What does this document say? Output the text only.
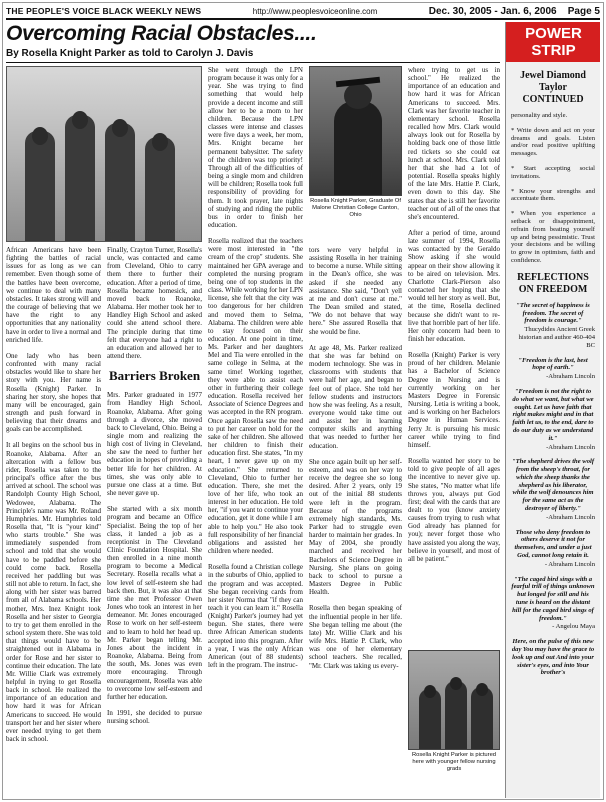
THE PEOPLE'S VOICE BLACK WEEKLY NEWS	http://www.peoplesvoiceonline.com	Dec. 30, 2005 - Jan. 6, 2006 Page 5
Overcoming Racial Obstacles....
By Rosella Knight Parker as told to Carolyn J. Davis

African Americans have been fighting the battles of racial issues for as long as we can remember. Even though some of the battles have been overcome, we continue to deal with many obstacles. It takes strong will and the courage of believing that we have the right to any opportunities that any nationality have in order to live a normal and enriched life.

One lady who has been confronted with many racial obstacles would like to share her story with you. Her name is Rosella (Knight) Parker. In sharing her story, she hopes that many will be encouraged, gain strength and push forward in believing that their dreams and goals can be accomplished.

It all begins on the school bus in Roanoke, Alabama. After an altercation with a fellow bus rider, Rosella was taken to the principal's office after the bus arrived at school. The school was Randolph County High School, Wedowee, Alabama. The Principle's name was Mr. Roland Humphries. Mr. Humphries told Rosella that, "It is "your kind" who starts trouble." She was immediately suspended from school and told that she would have to be paddled before she could come back. Rosella received her paddling but was still not able to return. In fact, she along with her sister was barred from all of Alabama schools. Her mother, Mrs. Inez Knight took Rosella and her sister to Georgia to try to get them enrolled in the school system there. She was told that things would have to be straightened out in Alabama in order for Rose and her sister to continue their education. The late Mr. Willie Clark was extremely helpful in trying to get Rosella back in school. He realized the importance of an education and how hard it was for African Americans to succeed. He would transport her and her sister where ever needed trying to get them back in school.

Finally, Crayton Turner, Rosella's uncle, was contacted and came from Cleveland, Ohio to carry them there to further their education. After a period of time, Rosella became homesick, and moved back to Roanoke, Alabama. Her mother took her to Handley High School and asked could she attend school there. The principle during that time felt that everyone had a right to an education and allowed her to attend there.

Barriers Broken

Mrs. Parker graduated in 1977 from Handley High School, Roanoke, Alabama. After going through a divorce, she moved back to Cleveland, Ohio. Being a single mom and realizing the high cost of living in Cleveland, she saw the need to further her education in hopes of providing a better life for her children. At times, she was only able to pursue one class at a time. But she never gave up.

She started with a six month program and became an Office Specialist. Being the top of her class, it landed a job as a receptionist in The Cleveland Clinic Foundation Hospital. She then enrolled in a nine month program to become a Medical Secretary. Rosella recalls what a low level of self-esteem she had back then. But, it was also at that time she met Professor Owen Jones who took an interest in her demeanor. Mr. Jones encouraged Rose to work on her self-esteem and to learn to hold her head up. Mr. Parker began telling Mr. Jones about the incident in Roanoke, Alabama. Being from the south, Ms. Jones was even more encouraging. Through encouragement, Rosella was able to overcome low self-esteem and further her education.

In 1991, she decided to pursue nursing school.

She went through the LPN program because it was only for a year. She was trying to find something that would help provide a decent income and still allow her to be a mom to her children. Because the LPN classes were intense and classes were five days a week, her mom, Mrs. Knight became her permanent babysitter. The safety of the children was top priority! Through all of the difficulties of being a single mom and children will be children; Rosella took full responsibility of providing for them. It took prayer, late nights of studying and riding the public bus in order to finish her education.

Rosella realized that the teachers were most interested in "the cream of the crop" students. She maintained her GPA average and completed the nursing program being one of top students in the class. While working for her LPN license, she felt that the city was too dangerous for her children and moved them to Selma, Alabama. The children were able to stay focused on their education. At one point in time, Ms. Parker and her daughters Mel and Tia were enrolled in the same college in Selma, at the same time! Working together, they were able to assist each other in furthering their college education. Rosella received her Associate of Science Degrees and was accepted in the RN program. Once again Rosella saw the need to put her career on hold for the sake of her children. She allowed her children to finish their education first. She states, "In my heart, I never gave up on my education." She returned to Cleveland, Ohio to further her education. There, she met the love of her life, who took an interest in her education. He told her, "if you want to continue your education, get it done while I am able to help you." He also took full responsibility of her financial obligations and assisted her children where needed.

Rosella found a Christian college in the suburbs of Ohio, applied to the program and was accepted. She began receiving cards from her sister Norma that "if they can teach it you can learn it." Rosella (Knight) Parker's journey had yet begun. She states, there were three African American students accepted into this program. After a year, I was the only African American (out of 88 students) left in the program. The instruc-

Rosella Knight Parker, Graduate Of Malone Christian College Canton, Ohio

tors were very helpful in assisting Rosella in her training to become a nurse. While sitting in the Dean's office, she was asked if she needed any assistance. She said, "Don't yell at me and don't curse at me." The Dean smiled and stated, "We do not behave that way here." She assured Rosella that she would be fine.

At age 48, Ms. Parker realized that she was far behind on modern technology. She was in classrooms with students that were half her age, and began to feel out of place. She told her fellow students and instructors how she was feeling. As a result, everyone would take time out and assist her in learning computer skills and anything that was needed to further her education.

She once again built up her self-esteem, and was on her way to receive the degree she so long desired. After 2 years, only 19 out of the initial 88 students were left in the program. Because of the programs extremely high standards, Ms. Parker had to struggle even harder to maintain her grades. In May of 2004, she proudly marched and received her Bachelors of Science Degree in Nursing. She plans on going back to school to pursue a Masters Degree in Public Health.

Rosella then began speaking of the influential people in her life. She began telling me about (the late) Mr. Willie Clark and his wife Mrs. Hattie P. Clark, who was one of her elementary school teachers. She recalled, "Mr. Clark was taking us every-

where trying to get us in school." He realized the importance of an education and how hard it was for African Americans to succeed. Mrs. Clark was her favorite teacher in elementary school. Rosella recalled how Mrs. Clark would always look out for Rosella by holding back one of those little red tickets so she could eat lunch at school. Mrs. Clark told her that she had a lot of potential. Rosella speaks highly of the late Mrs. Hattie P. Clark, even down to this day. She states that she is still her favorite teacher out of all of the ones that she's encountered.

After a period of time, around late summer of 1994, Rosella was contacted by the Geraldo Show asking if she would appear on their show allowing it to be aired on television. Mrs. Charlotte Clark-Pierson also contacted her hoping that she would tell her story as well. But, at the time, Rosella declined because she didn't want to re-live that horrible part of her life. Her only concern had been to finish her education.

Rosella (Knight) Parker is very proud of her children. Melanie has a Bachelor of Science Degree in Nursing and is currently working on her Masters Degree in Forensic Nursing. Letia is writing a book, and is working on her Bachelors Degree in Human Services. Jerry Jr. is pursuing his music career while trying to find himself.

Rosella wanted her story to be told to give people of all ages the incentive to never give up. She states, "No matter what life throws you, always put God first; deal with the cards that are dealt to you (know anxiety causes from trying to rush what God already has planned for you); never forget those who have assisted you along the way, believe in yourself, and most of all be patient."

Rosella Knight Parker is pictured here with younger fellow nursing grads
POWER
STRIP
Jewel Diamond Taylor CONTINUED

personality and style.

* Write down and act on your dreams and goals. Listen and/or read positive uplifting messages.

* Start accepting social invitations.

* Know your strengths and accentuate them.

* When you experience a setback or disappointment, refrain from beating yourself up and being pessimistic. Trust your decisions and be willing to grow in optimism, faith and confidence.

REFLECTIONS ON FREEDOM
"The secret of happiness is freedom. The secret of freedom is courage."
Thucydides Ancient Greek historian and author 460-404 BC
"Freedom is the last, best hope of earth."
-Abraham Lincoln
"Freedom is not the right to do what we want, but what we ought. Let us have faith that right makes might and in that faith let us, to the end, dare to do our duty as we understand it."
-Abraham Lincoln
"The shepherd drives the wolf from the sheep's throat, for which the sheep thanks the shepherd as his liberator, while the wolf denounces him for the same act as the destroyer of liberty."
-Abraham Lincoln
Those who deny freedom to others deserve it not for themselves, and under a just God, cannot long retain it.
- Abraham Lincoln
"The caged bird sings with a fearful trill of things unknown but longed for still and his tune is heard on the distant hill for the caged bird sings of freedom."
- Angelou Maya
Here, on the pulse of this new day You may have the grace to look up and out And into your sister's eyes, and into Your brother's
